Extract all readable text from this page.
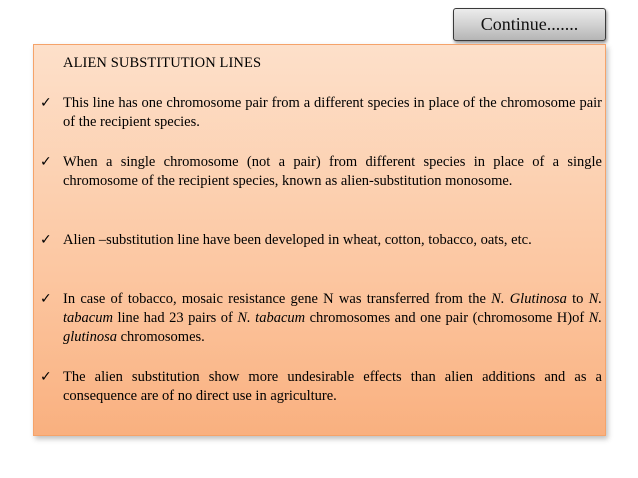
Continue.......
ALIEN SUBSTITUTION LINES
✓ This line has one chromosome pair from a different species in place of the chromosome pair of the recipient species.
✓ When a single chromosome (not a pair) from different species in place of a single chromosome of the recipient species, known as alien-substitution monosome.
✓ Alien –substitution line have been developed in wheat, cotton, tobacco, oats, etc.
✓ In case of tobacco, mosaic resistance gene N was transferred from the N. Glutinosa to N. tabacum line had 23 pairs of N. tabacum chromosomes and one pair (chromosome H)of N. glutinosa chromosomes.
✓ The alien substitution show more undesirable effects than alien additions and as a consequence are of no direct use in agriculture.
